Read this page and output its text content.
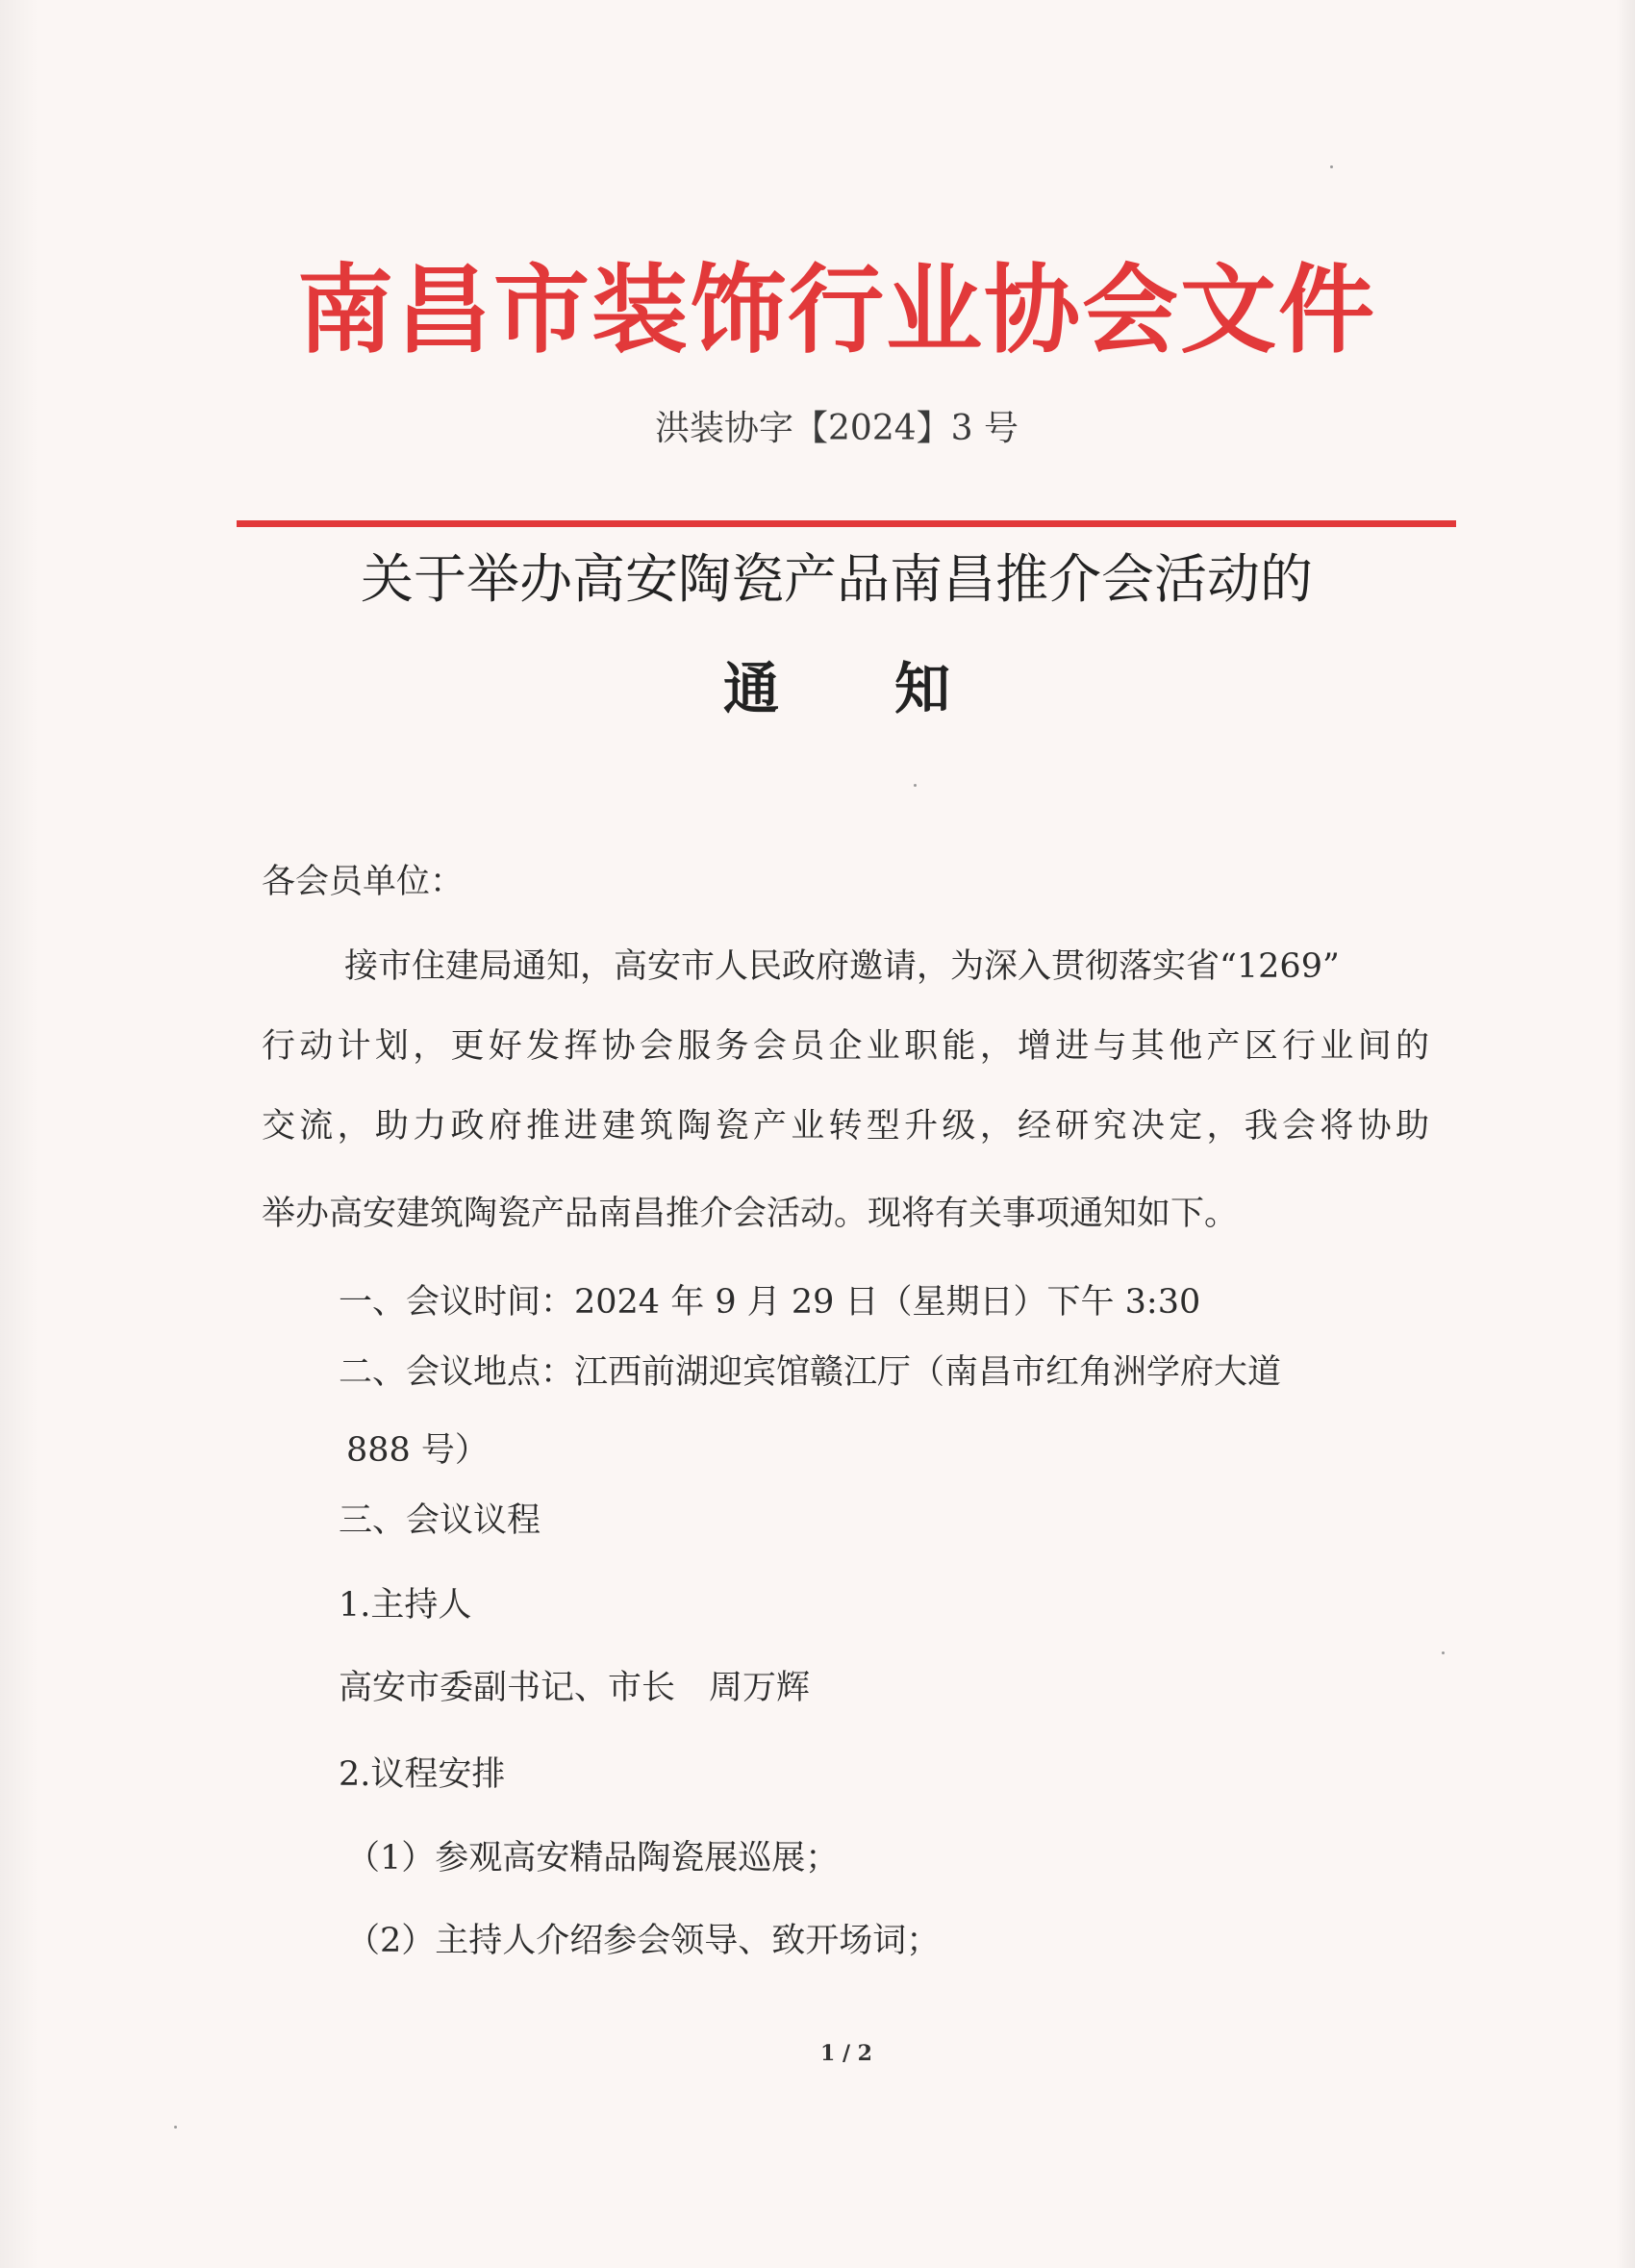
南昌市装饰行业协会文件
洪装协字【2024】3 号
关于举办高安陶瓷产品南昌推介会活动的
通 知
各会员单位：
接市住建局通知，高安市人民政府邀请，为深入贯彻落实省“1269”
行动计划，更好发挥协会服务会员企业职能，增进与其他产区行业间的
交流，助力政府推进建筑陶瓷产业转型升级，经研究决定，我会将协助
举办高安建筑陶瓷产品南昌推介会活动。现将有关事项通知如下。
一、会议时间：2024 年 9 月 29 日（星期日）下午 3:30
二、会议地点：江西前湖迎宾馆赣江厅（南昌市红角洲学府大道
888 号）
三、会议议程
1.主持人
高安市委副书记、市长　周万辉
2.议程安排
（1）参观高安精品陶瓷展巡展；
（2）主持人介绍参会领导、致开场词；
1 / 2
